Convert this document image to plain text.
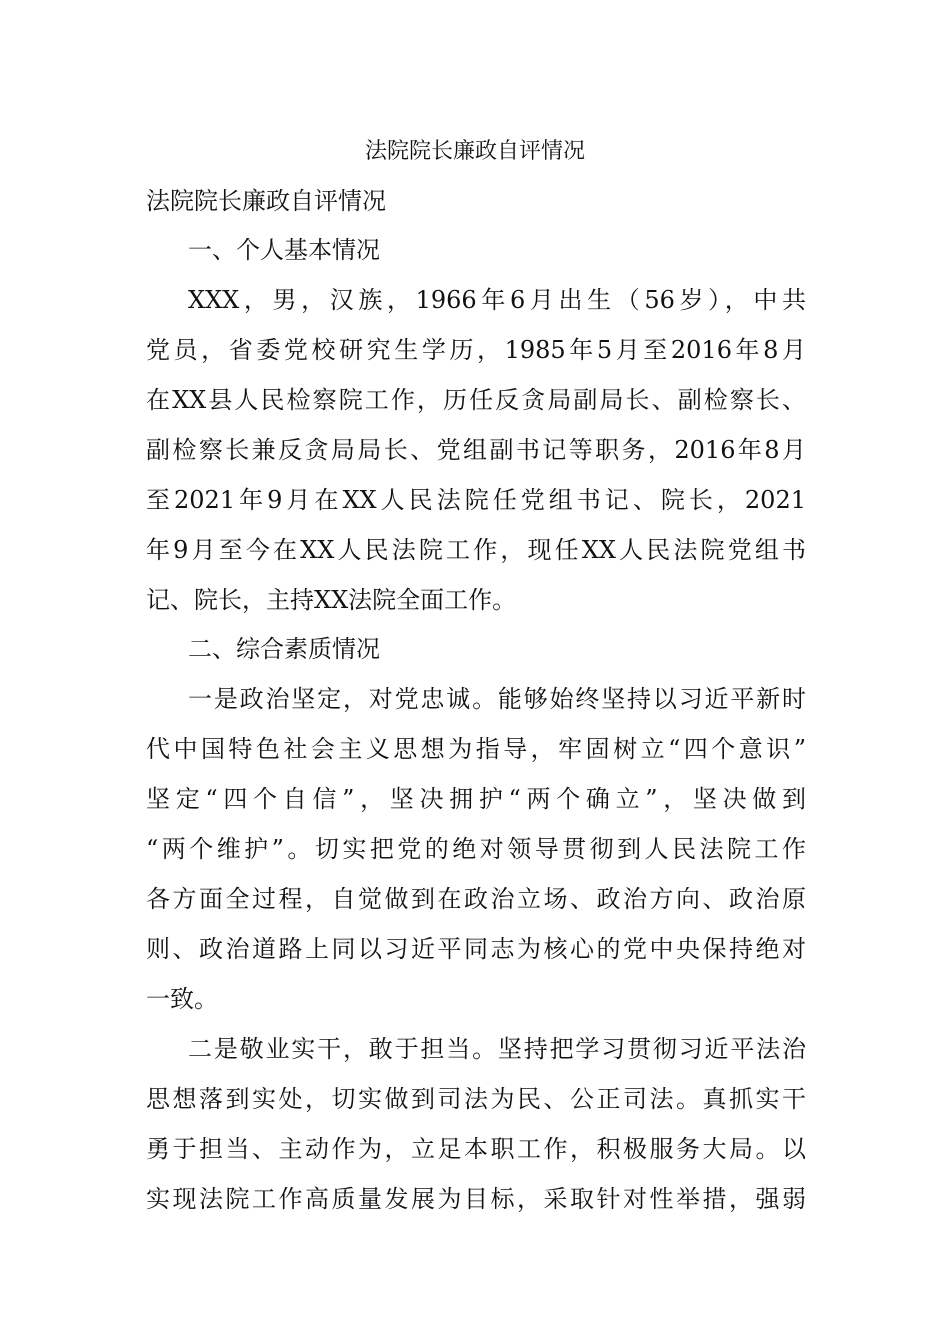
法院院长廉政自评情况
法院院长廉政自评情况
一、个人基本情况
XXX，男，汉族，1966年6月出生（56岁），中共
党员，省委党校研究生学历，1985年5月至2016年8月
在XX县人民检察院工作，历任反贪局副局长、副检察长、
副检察长兼反贪局局长、党组副书记等职务，2016年8月
至2021年9月在XX人民法院任党组书记、院长，2021
年9月至今在XX人民法院工作，现任XX人民法院党组书
记、院长，主持XX法院全面工作。
二、综合素质情况
一是政治坚定，对党忠诚。能够始终坚持以习近平新时
代中国特色社会主义思想为指导，牢固树立“四个意识”
坚定“四个自信”，坚决拥护“两个确立”，坚决做到
“两个维护”。切实把党的绝对领导贯彻到人民法院工作
各方面全过程，自觉做到在政治立场、政治方向、政治原
则、政治道路上同以习近平同志为核心的党中央保持绝对
一致。
二是敬业实干，敢于担当。坚持把学习贯彻习近平法治
思想落到实处，切实做到司法为民、公正司法。真抓实干
勇于担当、主动作为，立足本职工作，积极服务大局。以
实现法院工作高质量发展为目标，采取针对性举措，强弱
